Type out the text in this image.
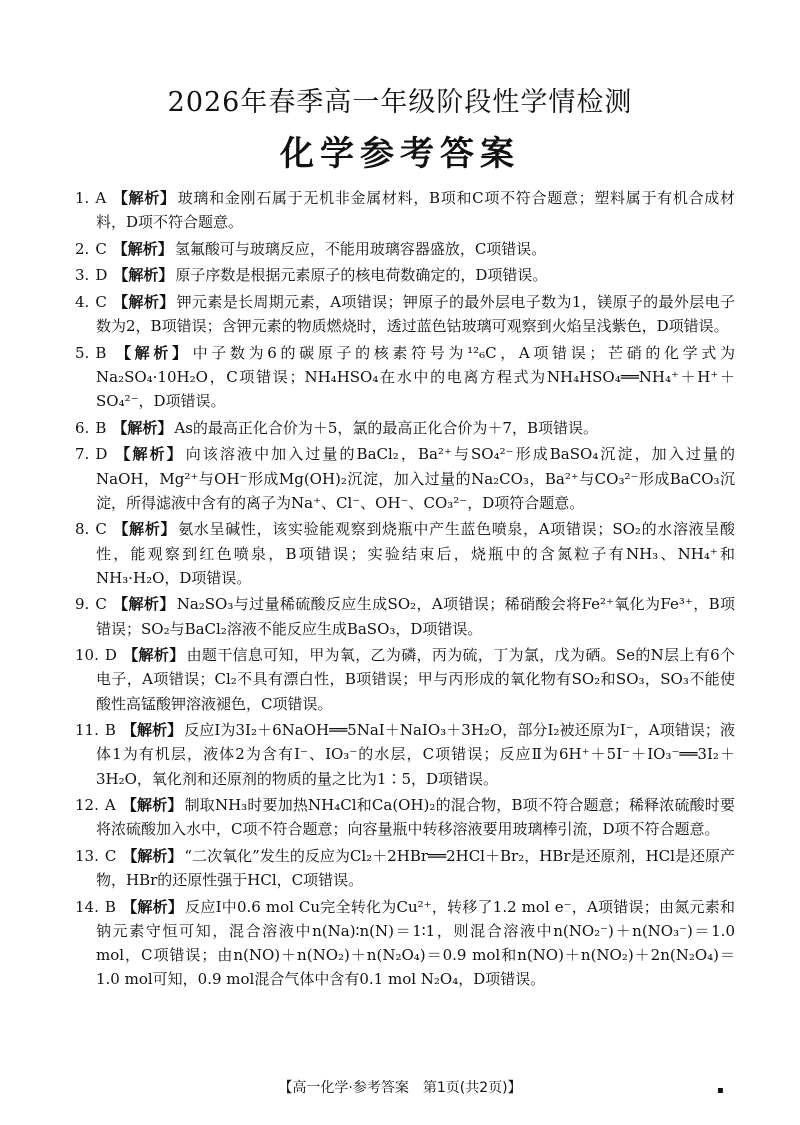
2026年春季高一年级阶段性学情检测
化学参考答案
1. A 【解析】 玻璃和金刚石属于无机非金属材料，B项和C项不符合题意；塑料属于有机合成材料，D项不符合题意。
2. C 【解析】 氢氟酸可与玻璃反应，不能用玻璃容器盛放，C项错误。
3. D 【解析】 原子序数是根据元素原子的核电荷数确定的，D项错误。
4. C 【解析】 钾元素是长周期元素，A项错误；钾原子的最外层电子数为1，镁原子的最外层电子数为2，B项错误；含钾元素的物质燃烧时，透过蓝色钴玻璃可观察到火焰呈浅紫色，D项错误。
5. B 【解析】 中子数为6的碳原子的核素符号为¹²₆C，A项错误；芒硝的化学式为Na₂SO₄·10H₂O，C项错误；NH₄HSO₄在水中的电离方程式为NH₄HSO₄══NH₄⁺＋H⁺＋SO₄²⁻，D项错误。
6. B 【解析】 As的最高正化合价为＋5，氯的最高正化合价为＋7，B项错误。
7. D 【解析】 向该溶液中加入过量的BaCl₂，Ba²⁺与SO₄²⁻形成BaSO₄沉淀，加入过量的NaOH，Mg²⁺与OH⁻形成Mg(OH)₂沉淀，加入过量的Na₂CO₃，Ba²⁺与CO₃²⁻形成BaCO₃沉淀，所得滤液中含有的离子为Na⁺、Cl⁻、OH⁻、CO₃²⁻，D项符合题意。
8. C 【解析】 氨水呈碱性，该实验能观察到烧瓶中产生蓝色喷泉，A项错误；SO₂的水溶液呈酸性，能观察到红色喷泉，B项错误；实验结束后，烧瓶中的含氮粒子有NH₃、NH₄⁺和NH₃·H₂O，D项错误。
9. C 【解析】 Na₂SO₃与过量稀硫酸反应生成SO₂，A项错误；稀硝酸会将Fe²⁺氧化为Fe³⁺，B项错误；SO₂与BaCl₂溶液不能反应生成BaSO₃，D项错误。
10. D 【解析】 由题干信息可知，甲为氧，乙为磷，丙为硫，丁为氯，戊为硒。Se的N层上有6个电子，A项错误；Cl₂不具有漂白性，B项错误；甲与丙形成的氧化物有SO₂和SO₃，SO₃不能使酸性高锰酸钾溶液褪色，C项错误。
11. B 【解析】 反应Ⅰ为3I₂＋6NaOH══5NaI＋NaIO₃＋3H₂O，部分I₂被还原为I⁻，A项错误；液体1为有机层，液体2为含有I⁻、IO₃⁻的水层，C项错误；反应Ⅱ为6H⁺＋5I⁻＋IO₃⁻══3I₂＋3H₂O，氧化剂和还原剂的物质的量之比为1∶5，D项错误。
12. A 【解析】 制取NH₃时要加热NH₄Cl和Ca(OH)₂的混合物，B项不符合题意；稀释浓硫酸时要将浓硫酸加入水中，C项不符合题意；向容量瓶中转移溶液要用玻璃棒引流，D项不符合题意。
13. C 【解析】 “二次氧化”发生的反应为Cl₂＋2HBr══2HCl＋Br₂，HBr是还原剂，HCl是还原产物，HBr的还原性强于HCl，C项错误。
14. B 【解析】 反应Ⅰ中0.6 mol Cu完全转化为Cu²⁺，转移了1.2 mol e⁻，A项错误；由氮元素和钠元素守恒可知，混合溶液中n(Na)∶n(N)＝1∶1，则混合溶液中n(NO₂⁻)＋n(NO₃⁻)＝1.0 mol，C项错误；由n(NO)＋n(NO₂)＋n(N₂O₄)＝0.9 mol和n(NO)＋n(NO₂)＋2n(N₂O₄)＝1.0 mol可知，0.9 mol混合气体中含有0.1 mol N₂O₄，D项错误。
【高一化学·参考答案　第1页(共2页)】	▪
